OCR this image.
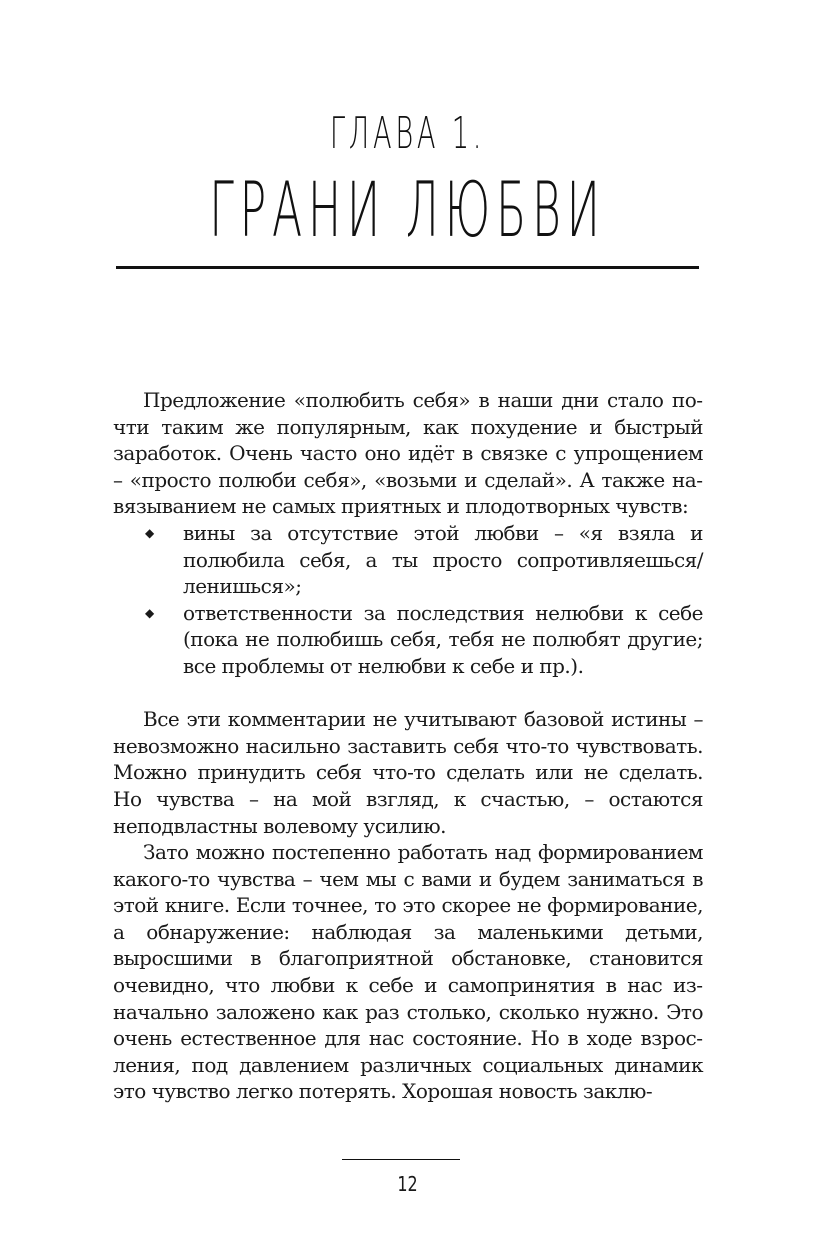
ГЛАВА 1.
ГРАНИ ЛЮБВИ

Предложение «полюбить себя» в наши дни стало почти таким же популярным, как похудение и быстрый заработок. Очень часто оно идёт в связке с упрощением – «просто полюби себя», «возьми и сделай». А также навязыванием не самых приятных и плодотворных чувств:

◆ вины за отсутствие этой любви – «я взяла и полюбила себя, а ты просто сопротивляешься/ ленишься»;
◆ ответственности за последствия нелюбви к себе (пока не полюбишь себя, тебя не полюбят другие; все проблемы от нелюбви к себе и пр.).

Все эти комментарии не учитывают базовой истины – невозможно насильно заставить себя что-то чувствовать. Можно принудить себя что-то сделать или не сделать. Но чувства – на мой взгляд, к счастью, – остаются неподвластны волевому усилию.

Зато можно постепенно работать над формированием какого-то чувства – чем мы с вами и будем заниматься в этой книге. Если точнее, то это скорее не формирование, а обнаружение: наблюдая за маленькими детьми, выросшими в благоприятной обстановке, становится очевидно, что любви к себе и самопринятия в нас изначально заложено как раз столько, сколько нужно. Это очень естественное для нас состояние. Но в ходе взросления, под давлением различных социальных динамик это чувство легко потерять. Хорошая новость заклю-

12
